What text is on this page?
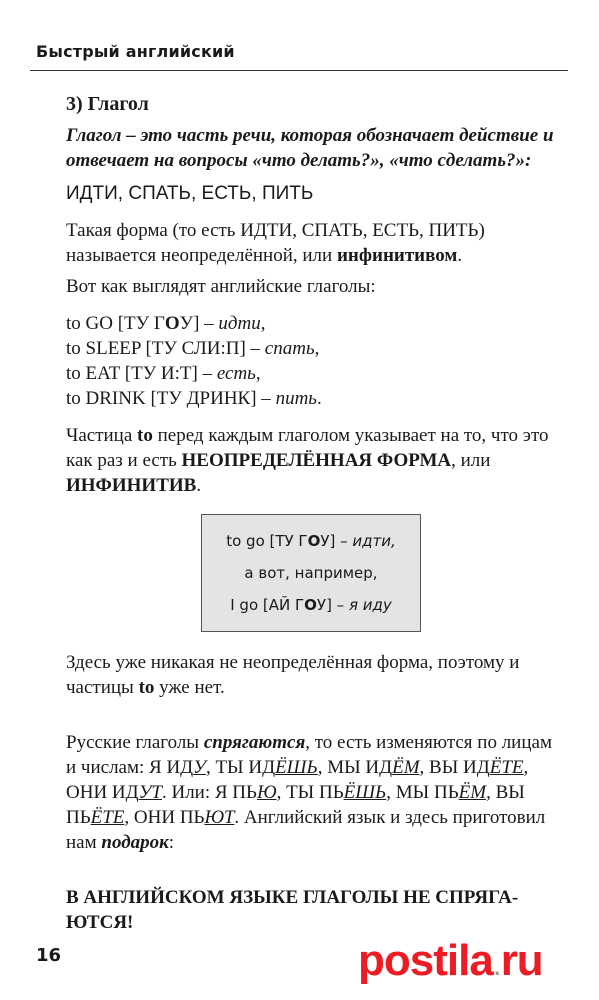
Быстрый английский
3) Глагол
Глагол – это часть речи, которая обозначает действие и отвечает на вопросы «что делать?», «что сделать?»:
ИДТИ, СПАТЬ, ЕСТЬ, ПИТЬ
Такая форма (то есть ИДТИ, СПАТЬ, ЕСТЬ, ПИТЬ) называется неопределённой, или инфинитивом.
Вот как выглядят английские глаголы:
to GO [ТУ ГОУ] – идти,
to SLEEP [ТУ СЛИ:П] – спать,
to EAT [ТУ И:Т] – есть,
to DRINK [ТУ ДРИНК] – пить.
Частица to перед каждым глаголом указывает на то, что это как раз и есть НЕОПРЕДЕЛЁННАЯ ФОРМА, или ИНФИНИТИВ.
to go [ТУ ГОУ] – идти,
а вот, например,
I go [АЙ ГОУ] – я иду
Здесь уже никакая не неопределённая форма, поэтому и частицы to уже нет.
Русские глаголы спрягаются, то есть изменяются по лицам и числам: Я ИДУ, ТЫ ИДЁШЬ, МЫ ИДЁМ, ВЫ ИДЁТЕ, ОНИ ИДУТ. Или: Я ПЬЮ, ТЫ ПЬЁШЬ, МЫ ПЬЁМ, ВЫ ПЬЁТЕ, ОНИ ПЬЮТ. Английский язык и здесь приготовил нам подарок:
В АНГЛИЙСКОМ ЯЗЫКЕ ГЛАГОЛЫ НЕ СПРЯГА-ЮТСЯ!
16	postila.ru
